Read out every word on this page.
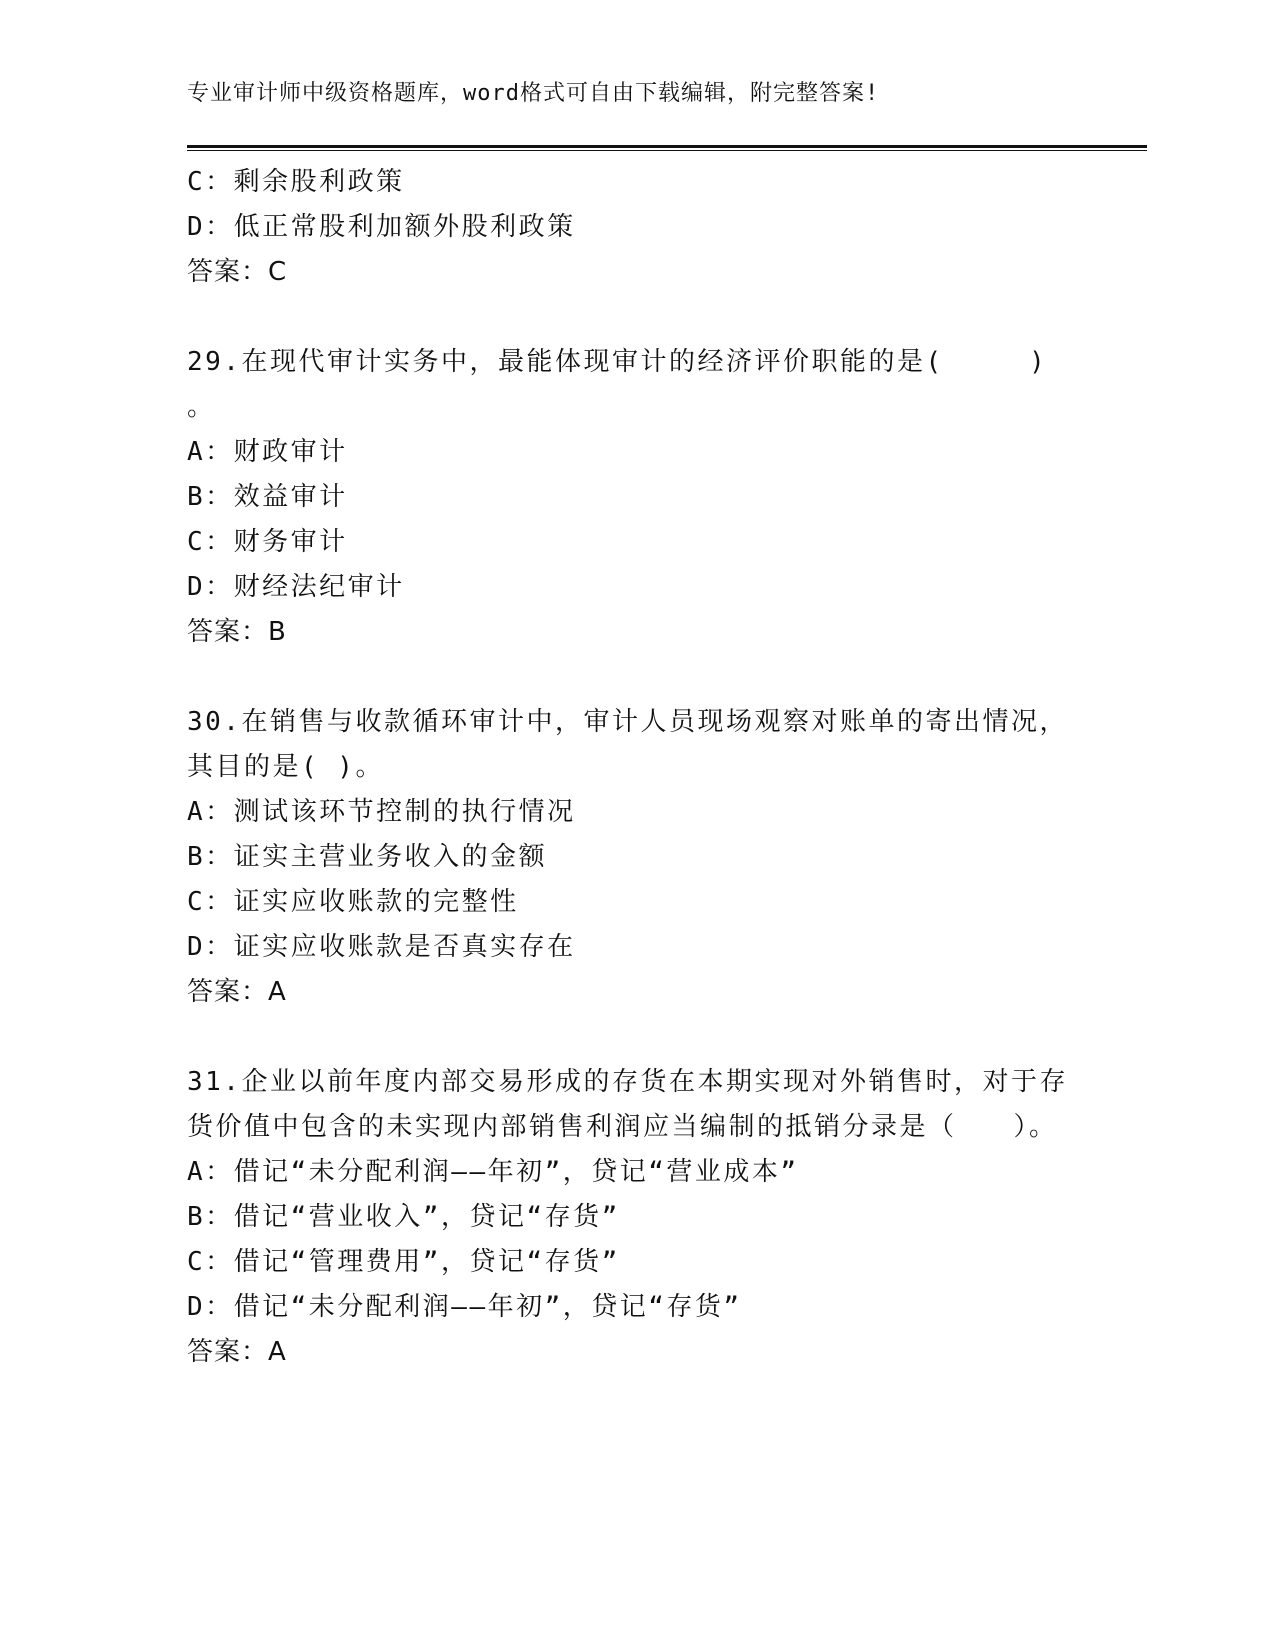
专业审计师中级资格题库，word格式可自由下载编辑，附完整答案!
C：剩余股利政策
D：低正常股利加额外股利政策
答案：C
29.在现代审计实务中，最能体现审计的经济评价职能的是(　　　)
。
A：财政审计
B：效益审计
C：财务审计
D：财经法纪审计
答案：B
30.在销售与收款循环审计中，审计人员现场观察对账单的寄出情况，
其目的是( )。
A：测试该环节控制的执行情况
B：证实主营业务收入的金额
C：证实应收账款的完整性
D：证实应收账款是否真实存在
答案：A
31.企业以前年度内部交易形成的存货在本期实现对外销售时，对于存
货价值中包含的未实现内部销售利润应当编制的抵销分录是（　　）。
A：借记“未分配利润——年初”，贷记“营业成本”
B：借记“营业收入”，贷记“存货”
C：借记“管理费用”，贷记“存货”
D：借记“未分配利润——年初”，贷记“存货”
答案：A
